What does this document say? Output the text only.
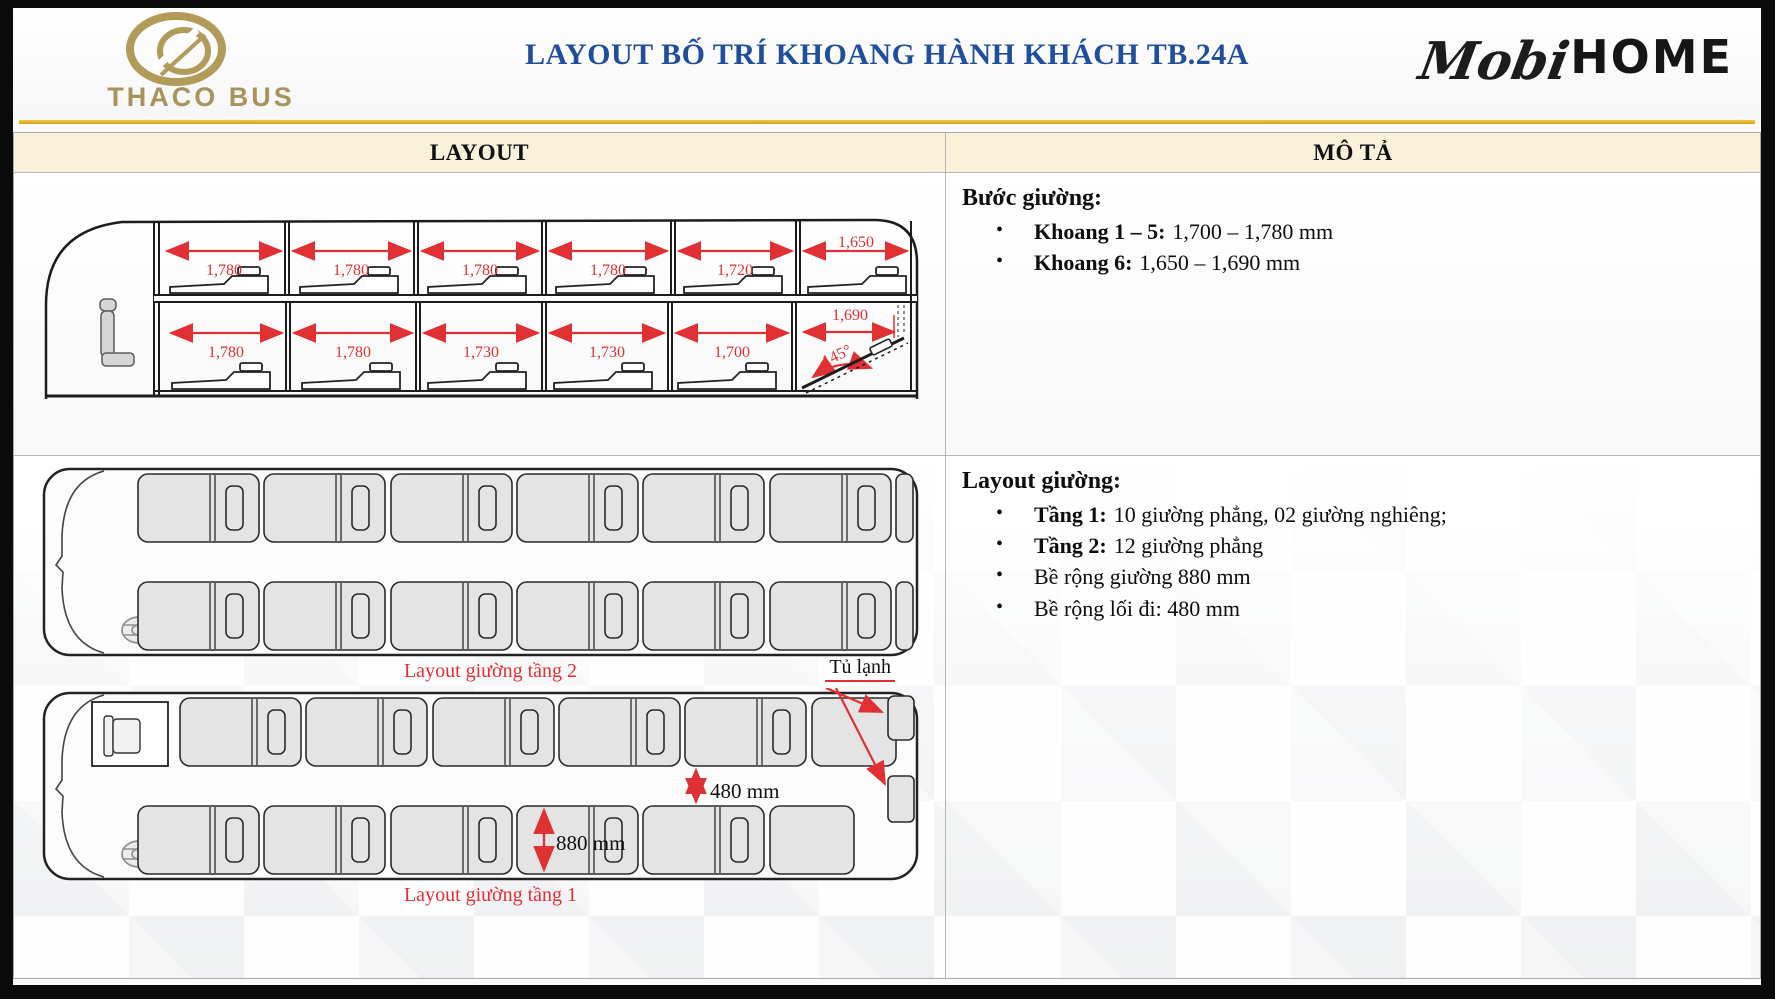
THACO BUS
LAYOUT BỐ TRÍ KHOANG HÀNH KHÁCH TB.24A	MobiHOME
LAYOUT	MÔ TẢ
1,780	1,780	1,780	1,780	1,720
1,650
1,780	1,780	1,730	1,730	1,700
1,690
145°
Bước giường:
• Khoang 1 – 5: 1,700 – 1,780 mm
• Khoang 6: 1,650 – 1,690 mm
Layout giường tầng 2	Tủ lạnh
480 mm
880 mm
Layout giường tầng 1
Layout giường:
• Tầng 1: 10 giường phẳng, 02 giường nghiêng;
• Tầng 2: 12 giường phẳng
• Bề rộng giường 880 mm
• Bề rộng lối đi: 480 mm
